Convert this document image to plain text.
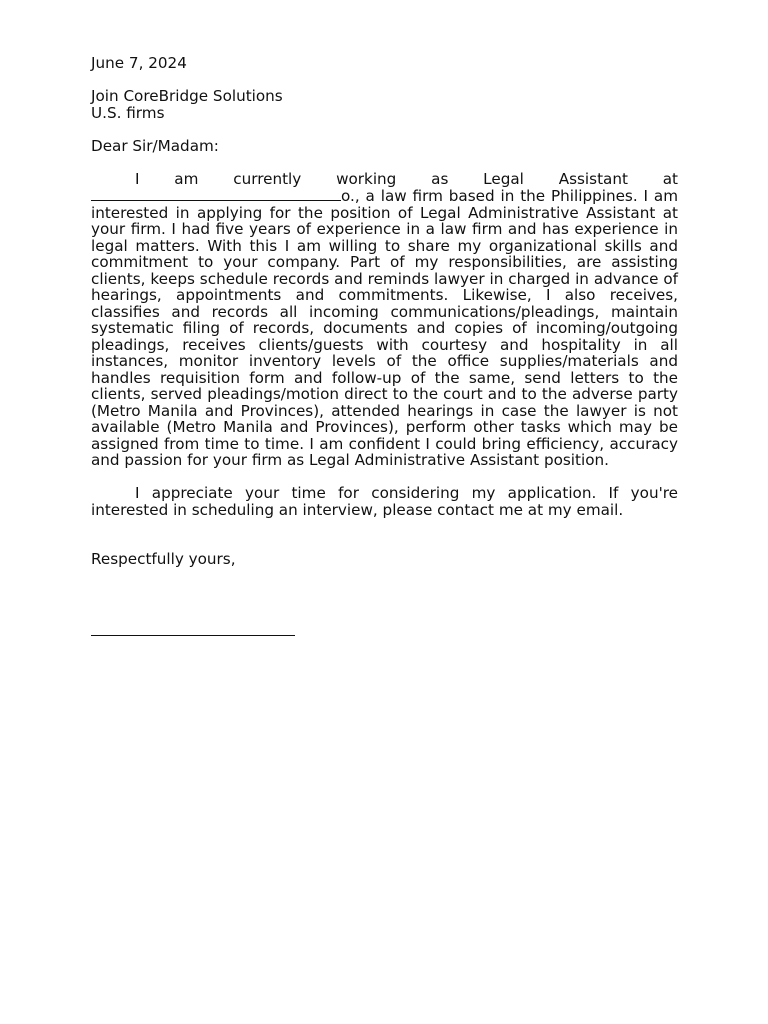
June 7, 2024

Join CoreBridge Solutions

U.S. firms

Dear Sir/Madam:

I am currently working as Legal Assistant at o., a law firm based in the Philippines. I am interested in applying for the position of Legal Administrative Assistant at your firm. I had five years of experience in a law firm and has experience in legal matters. With this I am willing to share my organizational skills and commitment to your company. Part of my responsibilities, are assisting clients, keeps schedule records and reminds lawyer in charged in advance of hearings, appointments and commitments. Likewise, I also receives, classifies and records all incoming communications/pleadings, maintain systematic filing of records, documents and copies of incoming/outgoing pleadings, receives clients/guests with courtesy and hospitality in all instances, monitor inventory levels of the office supplies/materials and handles requisition form and follow-up of the same, send letters to the clients, served pleadings/motion direct to the court and to the adverse party (Metro Manila and Provinces), attended hearings in case the lawyer is not available (Metro Manila and Provinces), perform other tasks which may be assigned from time to time. I am confident I could bring efficiency, accuracy and passion for your firm as Legal Administrative Assistant position.

I appreciate your time for considering my application. If you're interested in scheduling an interview, please contact me at my email.

Respectfully yours,
